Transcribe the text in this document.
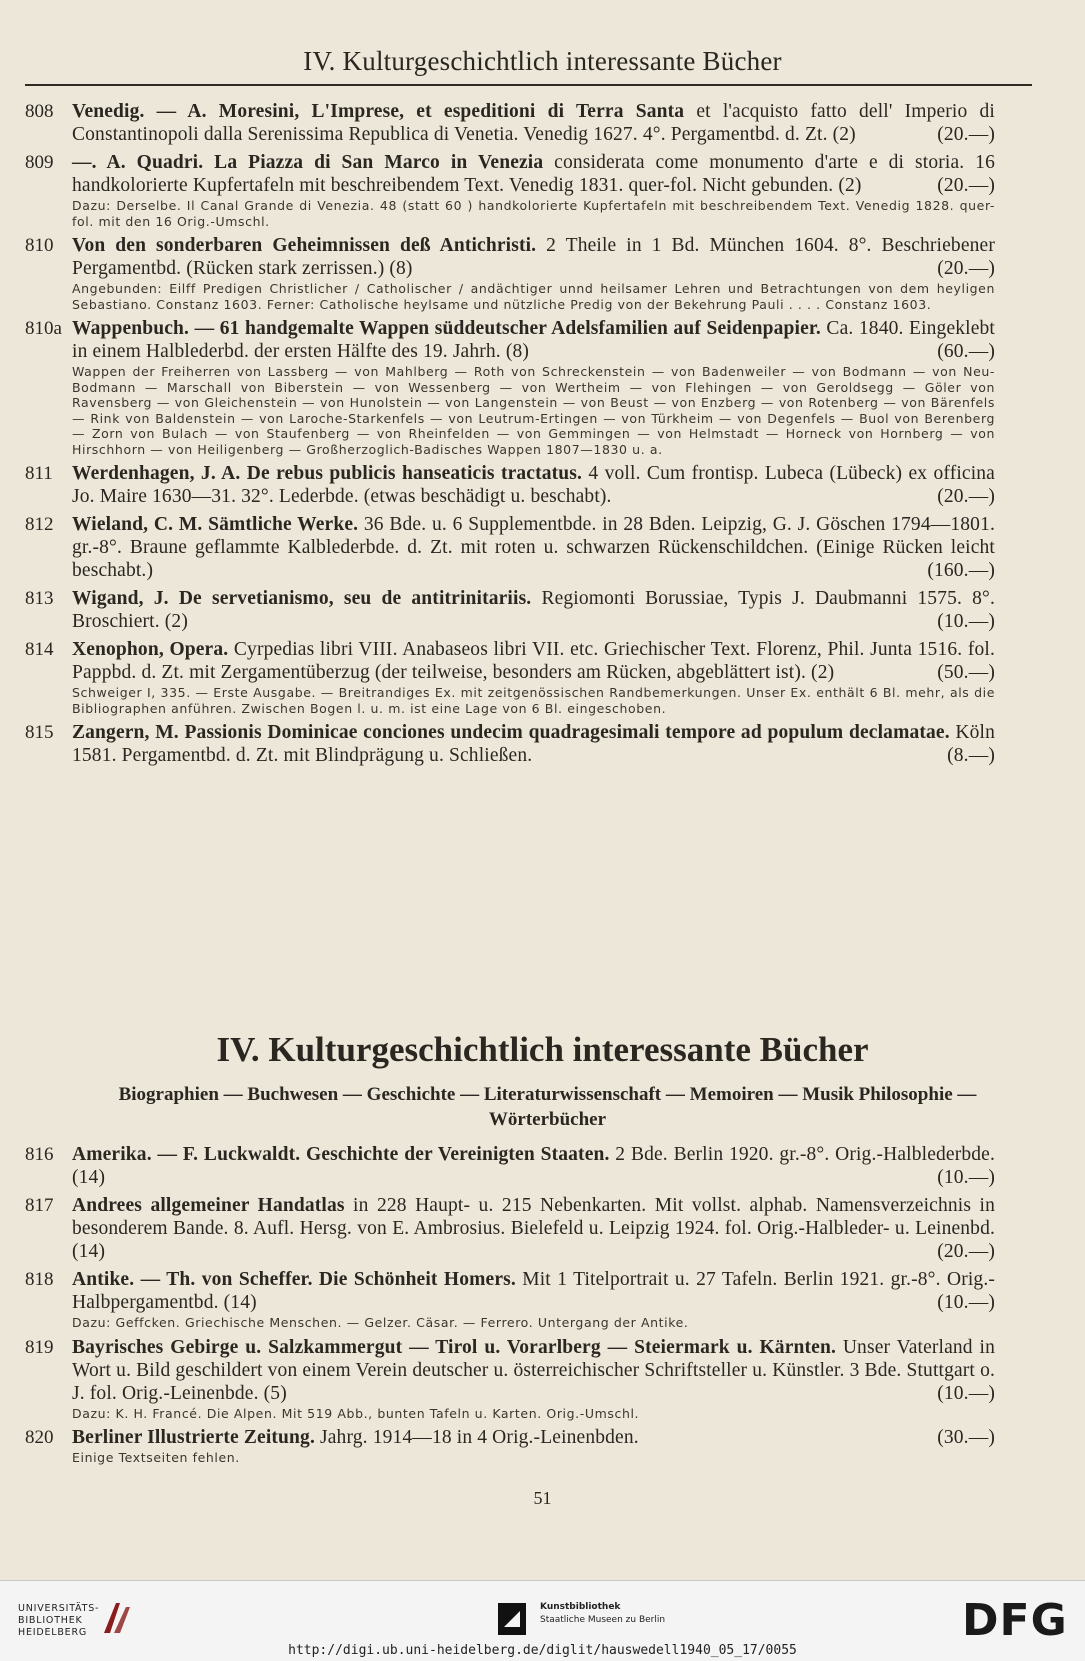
IV. Kulturgeschichtlich interessante Bücher
808 Venedig. — A. Moresini, L'Imprese, et espeditioni di Terra Santa et l'acquisto fatto dell' Imperio di Constantinopoli dalla Serenissima Republica di Venetia. Venedig 1627. 4°. Pergamentbd. d. Zt. (2)	(20.—)
809 —. A. Quadri. La Piazza di San Marco in Venezia considerata come monumento d'arte e di storia. 16 handkolorierte Kupfertafeln mit beschreibendem Text. Venedig 1831. quer-fol. Nicht gebunden. (2)	(20.—)
Dazu: Derselbe. Il Canal Grande di Venezia. 48 (statt 60 ) handkolorierte Kupfertafeln mit beschreibendem Text. Venedig 1828. quer-fol. mit den 16 Orig.-Umschl.
810 Von den sonderbaren Geheimnissen deß Antichristi. 2 Theile in 1 Bd. München 1604. 8°. Beschriebener Pergamentbd. (Rücken stark zerrissen.) (8)	(20.—)
Angebunden: Eilff Predigen Christlicher / Catholischer / andächtiger unnd heilsamer Lehren und Betrachtungen von dem heyligen Sebastiano. Constanz 1603. Ferner: Catholische heylsame und nützliche Predig von der Bekehrung Pauli . . . . Constanz 1603.
810a Wappenbuch. — 61 handgemalte Wappen süddeutscher Adelsfamilien auf Seidenpapier. Ca. 1840. Eingeklebt in einem Halblederbd. der ersten Hälfte des 19. Jahrh. (8)	(60.—)
Wappen der Freiherren von Lassberg — von Mahlberg — Roth von Schreckenstein — von Badenweiler — von Bodmann — von Neu-Bodmann — Marschall von Biberstein — von Wessenberg — von Wertheim — von Flehingen — von Geroldsegg — Göler von Ravensberg — von Gleichenstein — von Hunolstein — von Langenstein — von Beust — von Enzberg — von Rotenberg — von Bärenfels — Rink von Baldenstein — von Laroche-Starkenfels — von Leutrum-Ertingen — von Türkheim — von Degenfels — Buol von Berenberg — Zorn von Bulach — von Staufenberg — von Rheinfelden — von Gemmingen — von Helmstadt — Horneck von Hornberg — von Hirschhorn — von Heiligenberg — Großherzoglich-Badisches Wappen 1807—1830 u. a.
811 Werdenhagen, J. A. De rebus publicis hanseaticis tractatus. 4 voll. Cum frontisp. Lubeca (Lübeck) ex officina Jo. Maire 1630—31. 32°. Lederbde. (etwas beschädigt u. beschabt).	(20.—)
812 Wieland, C. M. Sämtliche Werke. 36 Bde. u. 6 Supplementbde. in 28 Bden. Leipzig, G. J. Göschen 1794—1801. gr.-8°. Braune geflammte Kalblederbde. d. Zt. mit roten u. schwarzen Rückenschildchen. (Einige Rücken leicht beschabt.)	(160.—)
813 Wigand, J. De servetianismo, seu de antitrinitariis. Regiomonti Borussiae, Typis J. Daubmanni 1575. 8°. Broschiert. (2)	(10.—)
814 Xenophon, Opera. Cyrpedias libri VIII. Anabaseos libri VII. etc. Griechischer Text. Florenz, Phil. Junta 1516. fol. Pappbd. d. Zt. mit Zergamentüberzug (der teilweise, besonders am Rücken, abgeblättert ist). (2)	(50.—)
Schweiger I, 335. — Erste Ausgabe. — Breitrandiges Ex. mit zeitgenössischen Randbemerkungen. Unser Ex. enthält 6 Bl. mehr, als die Bibliographen anführen. Zwischen Bogen l. u. m. ist eine Lage von 6 Bl. eingeschoben.
815 Zangern, M. Passionis Dominicae conciones undecim quadragesimali tempore ad populum declamatae. Köln 1581. Pergamentbd. d. Zt. mit Blindprägung u. Schließen.	(8.—)
IV. Kulturgeschichtlich interessante Bücher
Biographien — Buchwesen — Geschichte — Literaturwissenschaft — Memoiren — Musik Philosophie — Wörterbücher
816 Amerika. — F. Luckwaldt. Geschichte der Vereinigten Staaten. 2 Bde. Berlin 1920. gr.-8°. Orig.-Halblederbde. (14)	(10.—)
817 Andrees allgemeiner Handatlas in 228 Haupt- u. 215 Nebenkarten. Mit vollst. alphab. Namensverzeichnis in besonderem Bande. 8. Aufl. Hersg. von E. Ambrosius. Bielefeld u. Leipzig 1924. fol. Orig.-Halbleder- u. Leinenbd. (14)	(20.—)
818 Antike. — Th. von Scheffer. Die Schönheit Homers. Mit 1 Titelportrait u. 27 Tafeln. Berlin 1921. gr.-8°. Orig.-Halbpergamentbd. (14)	(10.—)
Dazu: Geffcken. Griechische Menschen. — Gelzer. Cäsar. — Ferrero. Untergang der Antike.
819 Bayrisches Gebirge u. Salzkammergut — Tirol u. Vorarlberg — Steiermark u. Kärnten. Unser Vaterland in Wort u. Bild geschildert von einem Verein deutscher u. österreichischer Schriftsteller u. Künstler. 3 Bde. Stuttgart o. J. fol. Orig.-Leinenbde. (5)	(10.—)
Dazu: K. H. Francé. Die Alpen. Mit 519 Abb., bunten Tafeln u. Karten. Orig.-Umschl.
820 Berliner Illustrierte Zeitung. Jahrg. 1914—18 in 4 Orig.-Leinenbden.	(30.—)
Einige Textseiten fehlen.
51
UNIVERSITÄTS-
BIBLIOTHEK
HEIDELBERG
Kunstbibliothek
Staatliche Museen zu Berlin	DFG
http://digi.ub.uni-heidelberg.de/diglit/hauswedell1940_05_17/0055
